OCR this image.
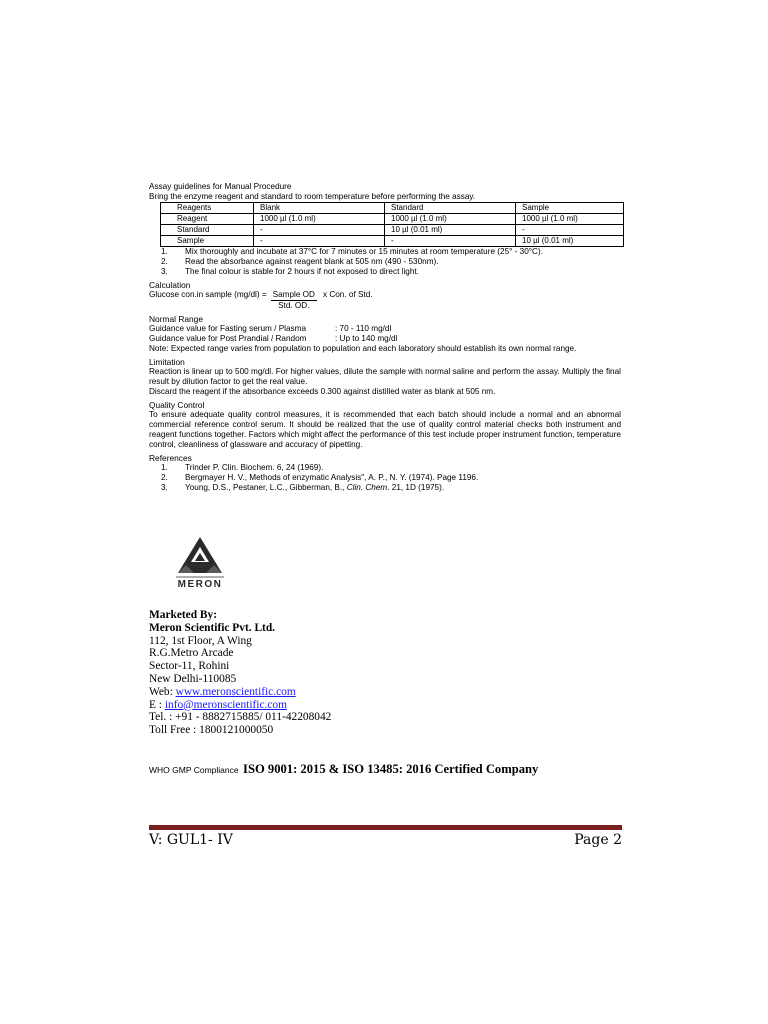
Assay guidelines for Manual Procedure
Bring the enzyme reagent and standard to room temperature before performing the assay.
Reagents	Blank	Standard	Sample
Reagent	1000 µl (1.0 ml)	1000 µl (1.0 ml)	1000 µl (1.0 ml)
Standard	-	10 µl (0.01 ml)	-
Sample	-	-	10 µl (0.01 ml)
1.	Mix thoroughly and incubate at 37°C for 7 minutes or 15 minutes at room temperature (25° - 30°C).
2.	Read the absorbance against reagent blank at 505 nm (490 - 530nm).
3.	The final colour is stable for 2 hours if not exposed to direct light.
Calculation
Glucose con.in sample $(mg/dl) = \frac{\text{Sample OD}}{\text{Std. OD.}}$ x Con. of Std.
Normal Range
Guidance value for Fasting serum / Plasma	: 70 - 110 mg/dl
Guidance value for Post Prandial / Random	: Up to 140 mg/dl
Note: Expected range varies from population to population and each laboratory should establish its own normal range.
Limitation
Reaction is linear up to 500 mg/dl. For higher values, dilute the sample with normal saline and perform the assay. Multiply the final result by dilution factor to get the real value.
Discard the reagent if the absorbance exceeds 0.300 against distilled water as blank at 505 nm.
Quality Control
To ensure adequate quality control measures, it is recommended that each batch should include a normal and an abnormal commercial reference control serum. It should be realized that the use of quality control material checks both instrument and reagent functions together. Factors which might affect the performance of this test include proper instrument function, temperature control, cleanliness of glassware and accuracy of pipetting.
References
1.	Trinder P. Clin. Biochem. 6, 24 (1969).
2.	Bergmayer H. V., Methods of enzymatic Analysis", A. P., N. Y. (1974). Page 1196.
3.	Young, D.S., Pestaner, L.C., Gibberman, B., Clin. Chem. 21, 1D (1975).
MERON
Marketed By:
Meron Scientific Pvt. Ltd.
112, 1st Floor, A Wing
R.G.Metro Arcade
Sector-11, Rohini
New Delhi-110085
Web: www.meronscientific.com
E : info@meronscientific.com
Tel. : +91 - 8882715885/ 011-42208042
Toll Free : 1800121000050
WHO GMP Compliance ISO 9001: 2015 & ISO 13485: 2016 Certified Company
V: GUL1- IV	Page 2
